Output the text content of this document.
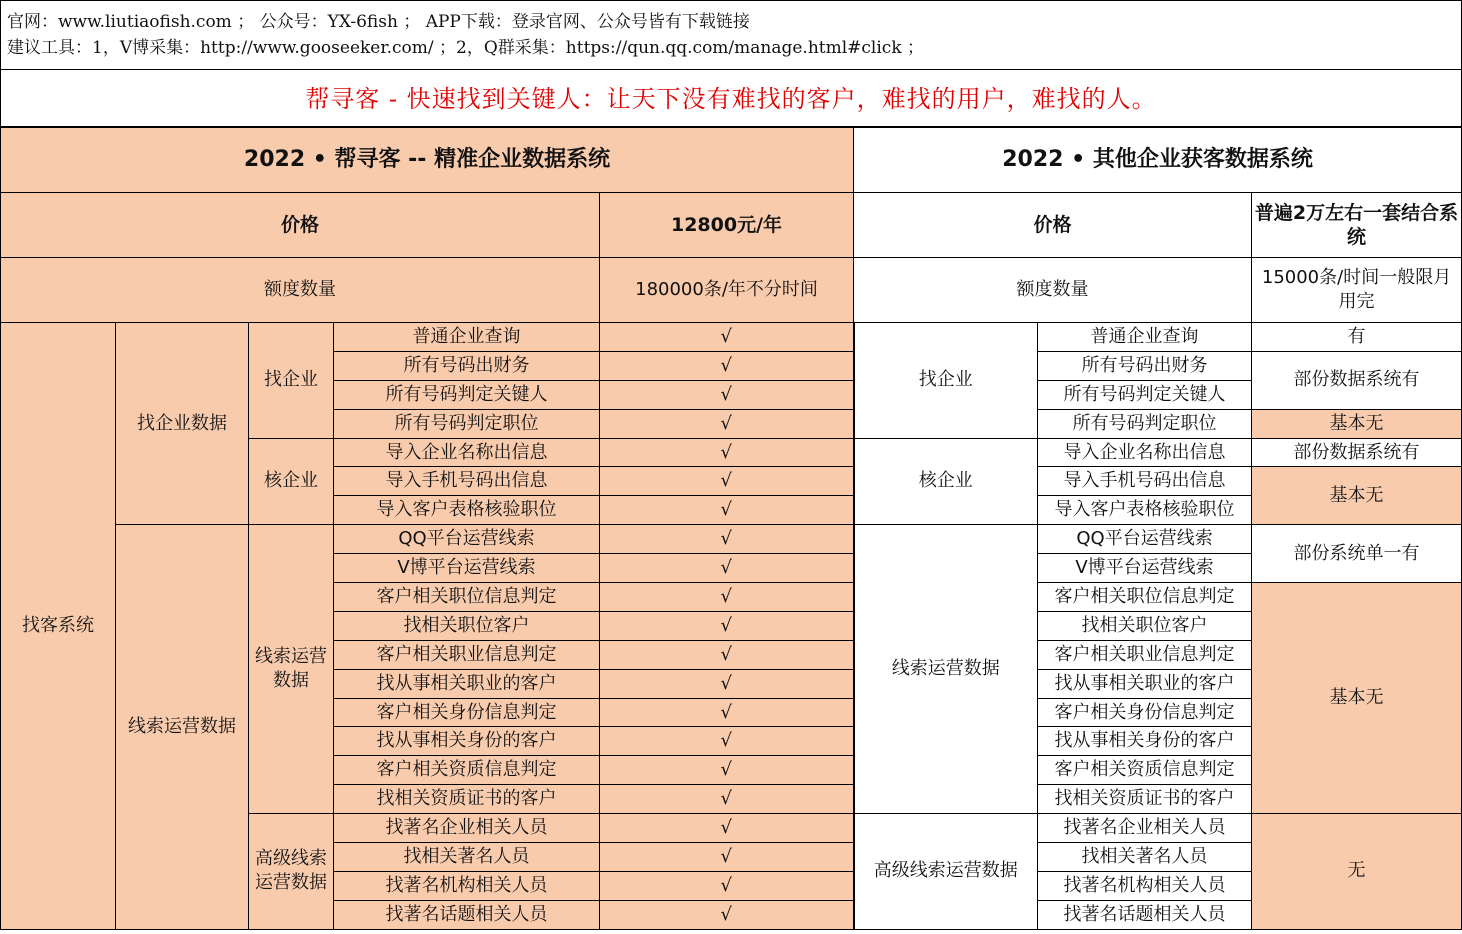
官网：www.liutiaofish.com ； 公众号：YX-6fish ； APP下载：登录官网、公众号皆有下载链接
建议工具：1，V博采集：http://www.gooseeker.com/ ；2，Q群采集：https://qun.qq.com/manage.html#click ；
帮寻客 - 快速找到关键人：让天下没有难找的客户，难找的用户，难找的人。
2022 • 帮寻客 -- 精准企业数据系统					2022 • 其他企业获客数据系统		
价格				12800元/年	价格		普遍2万左右一套结合系统
额度数量				180000条/年不分时间	额度数量		15000条/时间一般限月用完
找客系统	找企业数据	找企业	普通企业查询	√	找企业	普通企业查询	有
			所有号码出财务	√		所有号码出财务	部份数据系统有
			所有号码判定关键人	√		所有号码判定关键人	
			所有号码判定职位	√		所有号码判定职位	基本无
		核企业	导入企业名称出信息	√	核企业	导入企业名称出信息	部份数据系统有
			导入手机号码出信息	√		导入手机号码出信息	基本无
			导入客户表格核验职位	√		导入客户表格核验职位	
	线索运营数据	线索运营数据	QQ平台运营线索	√	线索运营数据	QQ平台运营线索	部份系统单一有
			V博平台运营线索	√		V博平台运营线索	
			客户相关职位信息判定	√		客户相关职位信息判定	基本无
			找相关职位客户	√		找相关职位客户	
			客户相关职业信息判定	√		客户相关职业信息判定	
			找从事相关职业的客户	√		找从事相关职业的客户	
			客户相关身份信息判定	√		客户相关身份信息判定	
			找从事相关身份的客户	√		找从事相关身份的客户	
			客户相关资质信息判定	√		客户相关资质信息判定	
			找相关资质证书的客户	√		找相关资质证书的客户	
		高级线索运营数据	找著名企业相关人员	√	高级线索运营数据	找著名企业相关人员	无
			找相关著名人员	√		找相关著名人员	
			找著名机构相关人员	√		找著名机构相关人员	
			找著名话题相关人员	√		找著名话题相关人员	
